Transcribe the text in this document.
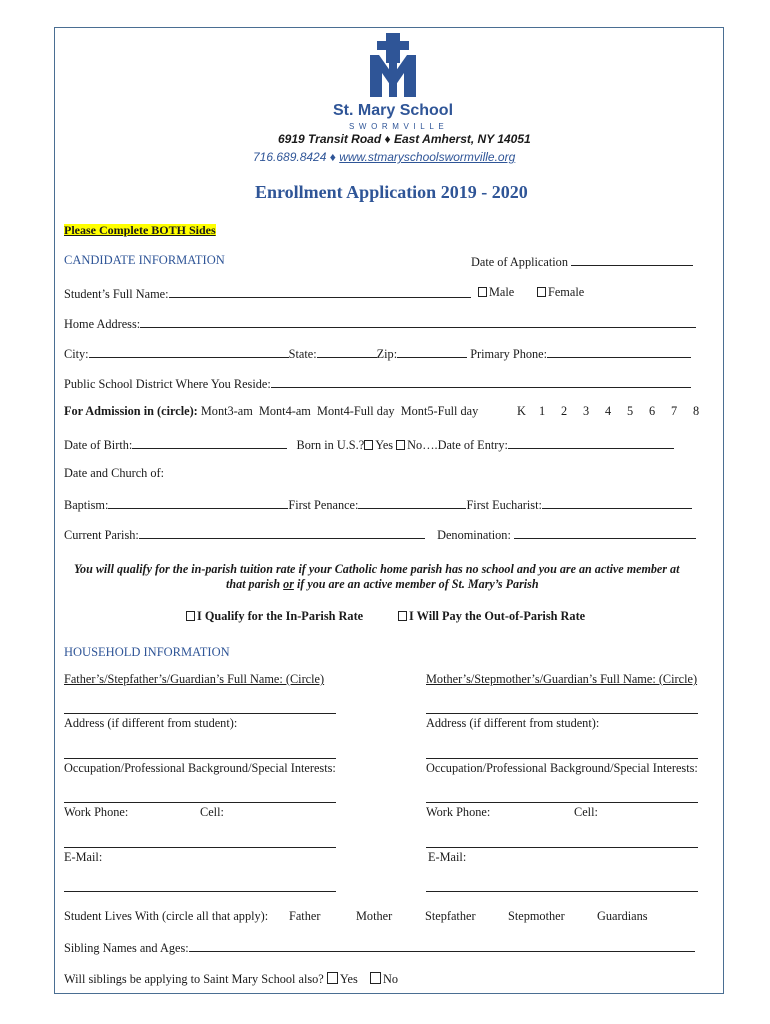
St. Mary School
SWORMVILLE
6919 Transit Road ♦ East Amherst, NY 14051
716.689.8424 ♦ www.stmaryschoolswormville.org
Enrollment Application 2019 - 2020
Please Complete BOTH Sides
CANDIDATE INFORMATION	Date of Application
Student’s Full Name:	Male	Female
Home Address:
City:	State:	Zip:	Primary Phone:
Public School District Where You Reside:
For Admission in (circle): Mont3-am Mont4-am Mont4-Full day Mont5-Full day	K 1 2 3 4 5 6 7 8
Date of Birth:	Born in U.S.? Yes No….Date of Entry:
Date and Church of:
Baptism:	First Penance:	First Eucharist:
Current Parish:	Denomination:
You will qualify for the in-parish tuition rate if your Catholic home parish has no school and you are an active member at
that parish or if you are an active member of St. Mary’s Parish
I Qualify for the In-Parish Rate	I Will Pay the Out-of-Parish Rate
HOUSEHOLD INFORMATION
Father’s/Stepfather’s/Guardian’s Full Name: (Circle)	Mother’s/Stepmother’s/Guardian’s Full Name: (Circle)
Address (if different from student):	Address (if different from student):
Occupation/Professional Background/Special Interests:	Occupation/Professional Background/Special Interests:
Work Phone:	Cell:	Work Phone:	Cell:
E-Mail:	E-Mail:
Student Lives With (circle all that apply): Father	Mother	Stepfather	Stepmother	Guardians
Sibling Names and Ages:
Will siblings be applying to Saint Mary School also? Yes No
